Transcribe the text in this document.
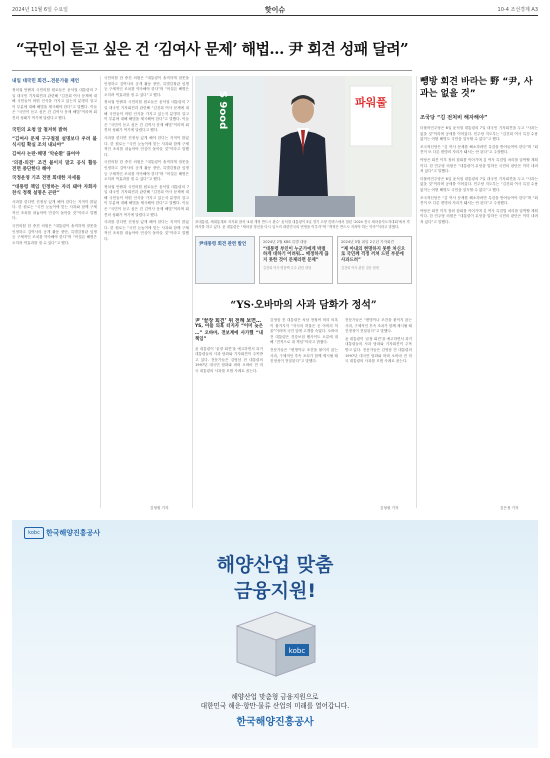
2024년 11월 6일 수요일	핫이슈	10-4 조선경제 A3
“국민이 듣고 싶은 건 ‘김여사 문제’ 해법… 尹 회견 성패 달려”
내일 대국민 회견…전문가들 제언
정치권 안팎과 국민의힘 원로들은 윤석열 대통령의 7일 대국민 기자회견과 관련해 “김건희 여사 문제에 대해 국민들이 어떤 인식을 가지고 있는지 분명히 알고 이 부분에 대해 해법을 제시해야 한다”고 말했다. 이들은 “국민이 듣고 싶은 건 김여사 문제 해법”이라며 회견의 성패가 여기에 달렸다고 했다.
국민의 요청 앞 철저히 밝혀
“김여사 문제 구구절절 설명보다 우려 불식시킬 확실 조치 내놔야”
김여사 논란·해명 ‘악순환’ 끊어야
‘의결·의견’ 조건 붙이지 말고 공식 활동 전면 중단한다 해야
국정운영 기조 전면 회대한 자세를
“대통령 책임 인정하는 자리 돼야 자화자찬식 정책 설명은 곤란”
사과를 한다면 진정성 있게 해야 한다는 지적이 많았다. 한 원로는 “국민 눈높이에 맞는 사과와 함께 구체적인 조치를 내놓아야 민심이 돌아올 것”이라고 말했다.
국민의힘 한 중진 의원은 “대통령이 솔직하게 잘못을 인정하고 김여사의 공개 활동 중단, 특별감찰관 임명 등 구체적인 조치를 약속해야 한다”며 “어설픈 해명은 오히려 역효과를 낼 수 있다”고 했다.
국민의힘 한 중진 의원은 “대통령이 솔직하게 잘못을 인정하고 김여사의 공개 활동 중단, 특별감찰관 임명 등 구체적인 조치를 약속해야 한다”며 “어설픈 해명은 오히려 역효과를 낼 수 있다”고 했다.
정치권 안팎과 국민의힘 원로들은 윤석열 대통령의 7일 대국민 기자회견과 관련해 “김건희 여사 문제에 대해 국민들이 어떤 인식을 가지고 있는지 분명히 알고 이 부분에 대해 해법을 제시해야 한다”고 말했다. 이들은 “국민이 듣고 싶은 건 김여사 문제 해법”이라며 회견의 성패가 여기에 달렸다고 했다.
사과를 한다면 진정성 있게 해야 한다는 지적이 많았다. 한 원로는 “국민 눈높이에 맞는 사과와 함께 구체적인 조치를 내놓아야 민심이 돌아올 것”이라고 말했다.
국민의힘 한 중진 의원은 “대통령이 솔직하게 잘못을 인정하고 김여사의 공개 활동 중단, 특별감찰관 임명 등 구체적인 조치를 약속해야 한다”며 “어설픈 해명은 오히려 역효과를 낼 수 있다”고 했다.
정치권 안팎과 국민의힘 원로들은 윤석열 대통령의 7일 대국민 기자회견과 관련해 “김건희 여사 문제에 대해 국민들이 어떤 인식을 가지고 있는지 분명히 알고 이 부분에 대해 해법을 제시해야 한다”고 말했다. 이들은 “국민이 듣고 싶은 건 김여사 문제 해법”이라며 회견의 성패가 여기에 달렸다고 했다.
사과를 한다면 진정성 있게 해야 한다는 지적이 많았다. 한 원로는 “국민 눈높이에 맞는 사과와 함께 구체적인 조치를 내놓아야 민심이 돌아올 것”이라고 말했다.
김형원 기자
S 9ood	파워풀
尹대통령, 세대통계표 지지회 참석 ‘4대 개혁 반드시 완수’ 윤석열 대통령이 5일 경기 고양 킨텍스에서 열린 ‘2024 전국 새마을지도자대회’에서 격려사를 하고 있다. 윤 대통령은 “새마을 정신을 다시 일으켜 대한민국의 번영을 이루자”며 “개혁은 반드시 지켜야 하는 약속”이라고 말했다.
尹대통령 회견 관련 발언	2024년 2월 KBS 특별 대담
“대통령 부인이 누군가에게 박절하게 대하기 어려워… 매정하게 끊지 못한 것이 문제라면 문제”
김건희 여사 명품백 수수 관련 대담
2024년 5월 취임 2주년 기자회견
“제 아내의 현명하지 못한 처신으로 국민께 걱정 끼쳐 드린 부분에 사과드려”
김건희 여사 관련 질문 답변
“YS·오바마의 사과 담화가 정석”
尹 ‘끝장 회견’ 위 전례 보면…
YS, 아들 의혹 터지자 “이미 늦은 …” 오바마, 전보계에 사가했 “내 책임”
윤 대통령이 ‘끝장 회견’을 예고하면서 과거 대통령들의 사과 담화와 기자회견이 주목받고 있다. 전문가들은 김영삼 전 대통령의 1997년 대국민 담화와 버락 오바마 전 미국 대통령의 사과를 모범 사례로 꼽는다.
김영삼 전 대통령은 차남 현철씨 비리 의혹이 불거지자 “자식의 허물은 곧 아비의 허물”이라며 국민 앞에 고개를 숙였다. 오바마 전 대통령은 건강보험 웹사이트 오류에 대해 “전적으로 내 책임”이라고 밝혔다.
전문가들은 “변명이나 조건을 붙이지 않는 사과, 구체적인 후속 조치가 함께 제시될 때 진정성이 전달된다”고 말했다.
전문가들은 “변명이나 조건을 붙이지 않는 사과, 구체적인 후속 조치가 함께 제시될 때 진정성이 전달된다”고 말했다.
윤 대통령이 ‘끝장 회견’을 예고하면서 과거 대통령들의 사과 담화와 기자회견이 주목받고 있다. 전문가들은 김영삼 전 대통령의 1997년 대국민 담화와 버락 오바마 전 미국 대통령의 사과를 모범 사례로 꼽는다.
김형원 기자
뺑방 회견 바라는 野 “尹, 사과는 없을 것”
조국당 “김 전처비 해자해야”
더불어민주당은 6일 윤석열 대통령의 7일 대국민 기자회견을 두고 “사과는 없을 것”이라며 공세를 이어갔다. 민주당 지도부는 “김건희 여사 특검 수용 없이는 어떤 해명도 국민을 설득할 수 없다”고 했다.
조국혁신당은 “김 여사 문제를 해소하려면 특검을 받아들여야 한다”며 “회견이 또 다른 변명의 자리가 돼서는 안 된다”고 주장했다.
야당은 회견 이후 장외 집회를 이어가며 김 여사 특검법 처리를 압박할 계획이다. 한 민주당 의원은 “대통령이 무엇을 말하든 국민의 판단은 이미 내려져 있다”고 말했다.
더불어민주당은 6일 윤석열 대통령의 7일 대국민 기자회견을 두고 “사과는 없을 것”이라며 공세를 이어갔다. 민주당 지도부는 “김건희 여사 특검 수용 없이는 어떤 해명도 국민을 설득할 수 없다”고 했다.
조국혁신당은 “김 여사 문제를 해소하려면 특검을 받아들여야 한다”며 “회견이 또 다른 변명의 자리가 돼서는 안 된다”고 주장했다.
야당은 회견 이후 장외 집회를 이어가며 김 여사 특검법 처리를 압박할 계획이다. 한 민주당 의원은 “대통령이 무엇을 말하든 국민의 판단은 이미 내려져 있다”고 말했다.
김은정 기자
kobc 한국해양진흥공사
해양산업 맞춤
금융지원!
kobc
해양산업 맞춤형 금융지원으로
대한민국 해운·항만·물류 산업의 미래를 열어갑니다.
한국해양진흥공사
